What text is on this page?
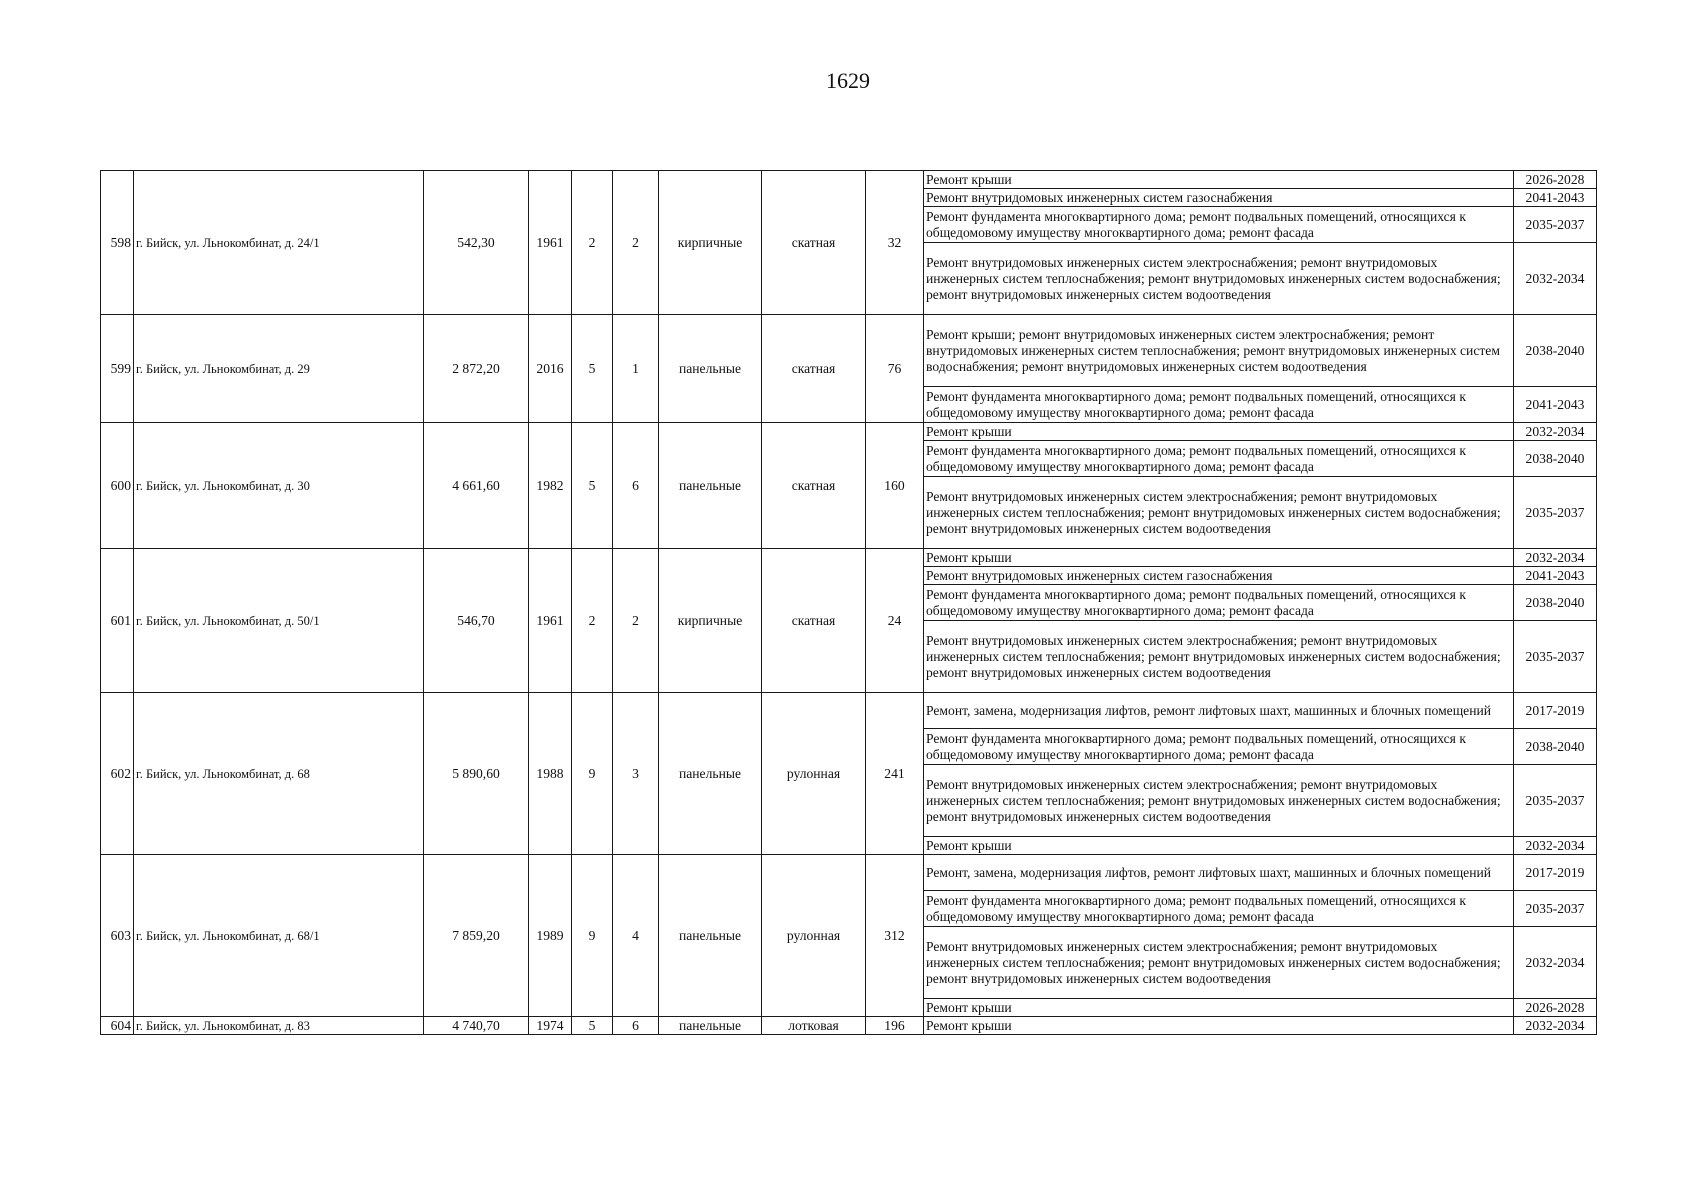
1629
598	г. Бийск, ул. Льнокомбинат, д. 24/1	542,30	1961	2	2	кирпичные	скатная	32	Ремонт крыши	2026-2028
									Ремонт внутридомовых инженерных систем газоснабжения	2041-2043
									Ремонт фундамента многоквартирного дома; ремонт подвальных помещений, относящихся к общедомовому имуществу многоквартирного дома; ремонт фасада	2035-2037
									Ремонт внутридомовых инженерных систем электроснабжения; ремонт внутридомовых инженерных систем теплоснабжения; ремонт внутридомовых инженерных систем водоснабжения; ремонт внутридомовых инженерных систем водоотведения	2032-2034
599	г. Бийск, ул. Льнокомбинат, д. 29	2 872,20	2016	5	1	панельные	скатная	76	Ремонт крыши; ремонт внутридомовых инженерных систем электроснабжения; ремонт внутридомовых инженерных систем теплоснабжения; ремонт внутридомовых инженерных систем водоснабжения; ремонт внутридомовых инженерных систем водоотведения	2038-2040
									Ремонт фундамента многоквартирного дома; ремонт подвальных помещений, относящихся к общедомовому имуществу многоквартирного дома; ремонт фасада	2041-2043
600	г. Бийск, ул. Льнокомбинат, д. 30	4 661,60	1982	5	6	панельные	скатная	160	Ремонт крыши	2032-2034
									Ремонт фундамента многоквартирного дома; ремонт подвальных помещений, относящихся к общедомовому имуществу многоквартирного дома; ремонт фасада	2038-2040
									Ремонт внутридомовых инженерных систем электроснабжения; ремонт внутридомовых инженерных систем теплоснабжения; ремонт внутридомовых инженерных систем водоснабжения; ремонт внутридомовых инженерных систем водоотведения	2035-2037
601	г. Бийск, ул. Льнокомбинат, д. 50/1	546,70	1961	2	2	кирпичные	скатная	24	Ремонт крыши	2032-2034
									Ремонт внутридомовых инженерных систем газоснабжения	2041-2043
									Ремонт фундамента многоквартирного дома; ремонт подвальных помещений, относящихся к общедомовому имуществу многоквартирного дома; ремонт фасада	2038-2040
									Ремонт внутридомовых инженерных систем электроснабжения; ремонт внутридомовых инженерных систем теплоснабжения; ремонт внутридомовых инженерных систем водоснабжения; ремонт внутридомовых инженерных систем водоотведения	2035-2037
602	г. Бийск, ул. Льнокомбинат, д. 68	5 890,60	1988	9	3	панельные	рулонная	241	Ремонт, замена, модернизация лифтов, ремонт лифтовых шахт, машинных и блочных помещений	2017-2019
									Ремонт фундамента многоквартирного дома; ремонт подвальных помещений, относящихся к общедомовому имуществу многоквартирного дома; ремонт фасада	2038-2040
									Ремонт внутридомовых инженерных систем электроснабжения; ремонт внутридомовых инженерных систем теплоснабжения; ремонт внутридомовых инженерных систем водоснабжения; ремонт внутридомовых инженерных систем водоотведения	2035-2037
									Ремонт крыши	2032-2034
603	г. Бийск, ул. Льнокомбинат, д. 68/1	7 859,20	1989	9	4	панельные	рулонная	312	Ремонт, замена, модернизация лифтов, ремонт лифтовых шахт, машинных и блочных помещений	2017-2019
									Ремонт фундамента многоквартирного дома; ремонт подвальных помещений, относящихся к общедомовому имуществу многоквартирного дома; ремонт фасада	2035-2037
									Ремонт внутридомовых инженерных систем электроснабжения; ремонт внутридомовых инженерных систем теплоснабжения; ремонт внутридомовых инженерных систем водоснабжения; ремонт внутридомовых инженерных систем водоотведения	2032-2034
									Ремонт крыши	2026-2028
604	г. Бийск, ул. Льнокомбинат, д. 83	4 740,70	1974	5	6	панельные	лотковая	196	Ремонт крыши	2032-2034
